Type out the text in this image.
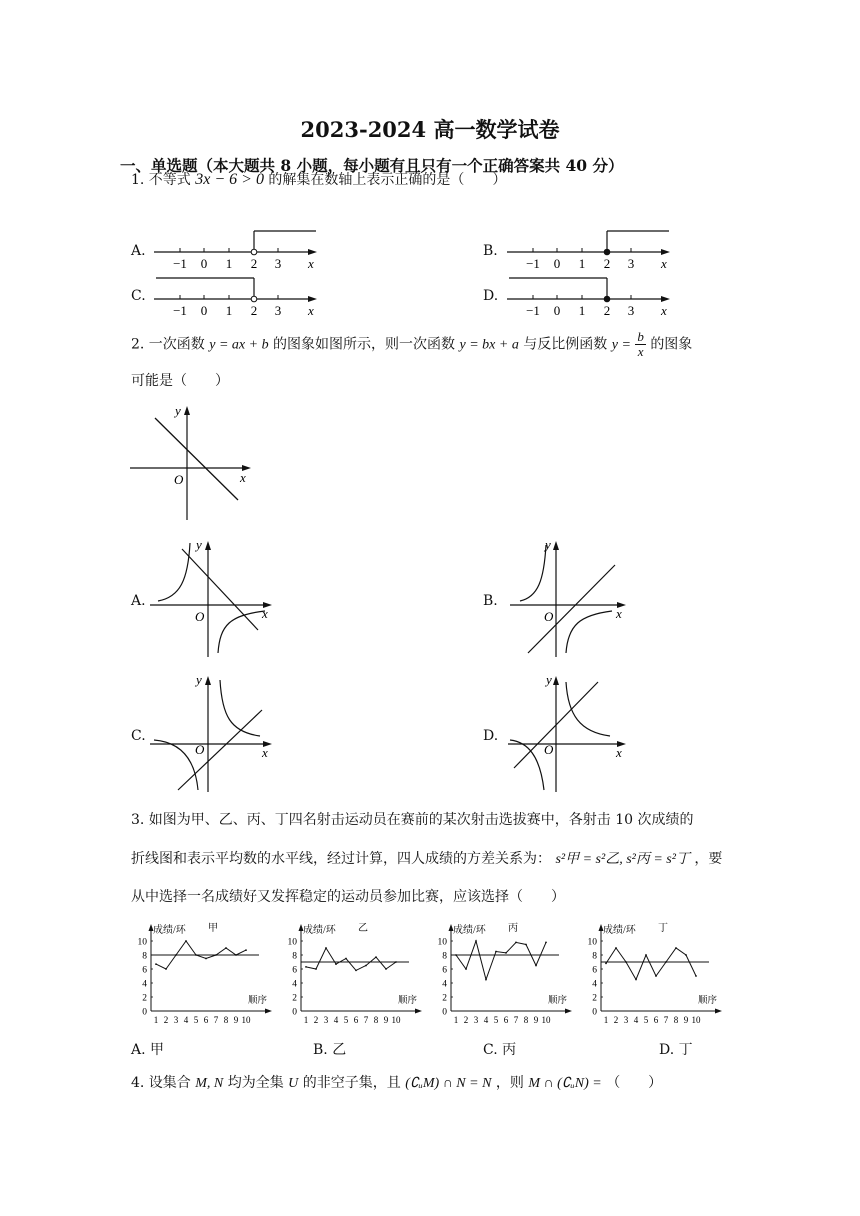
2023-2024 高一数学试卷
一、单选题（本大题共 8 小题，每小题有且只有一个正确答案共 40 分）
1. 不等式 3x − 6 > 0 的解集在数轴上表示正确的是（　　）
A.	B.
C.	D.
−1 0 1 2 3 x	−1 0 1 2 3 x
−1 0 1 2 3 x	−1 0 1 2 3 x
2. 一次函数 y = ax + b 的图象如图所示，则一次函数 y = bx + a 与反比例函数 $y = \frac{b}{x}$ 的图象
可能是（　　）
y
x
O
A.	B.
C.	D.
y
x
O
y
x
O
y
x
O
y
x
O
3. 如图为甲、乙、丙、丁四名射击运动员在赛前的某次射击选拔赛中，各射击 10 次成绩的
折线图和表示平均数的水平线，经过计算，四人成绩的方差关系为： s²甲 = s²乙, s²丙 = s²丁 ，要
从中选择一名成绩好又发挥稳定的运动员参加比赛，应该选择（　　）
0
2
4
6
8
10
1 2 3 4 5 6 7 8 9 10
成绩/环 甲
顺序
0
2
4
6
8
10
1 2 3 4 5 6 7 8 9 10
成绩/环 乙
顺序
0
2
4
6
8
10
1 2 3 4 5 6 7 8 9 10
成绩/环 丙
顺序
0
2
4
6
8
10
1 2 3 4 5 6 7 8 9 10
成绩/环 丁
顺序
A. 甲	B. 乙	C. 丙	D. 丁
4. 设集合 M, N 均为全集 U 的非空子集，且 (∁ᵤM) ∩ N = N ，则 M ∩ (∁ᵤN) = （　　）
